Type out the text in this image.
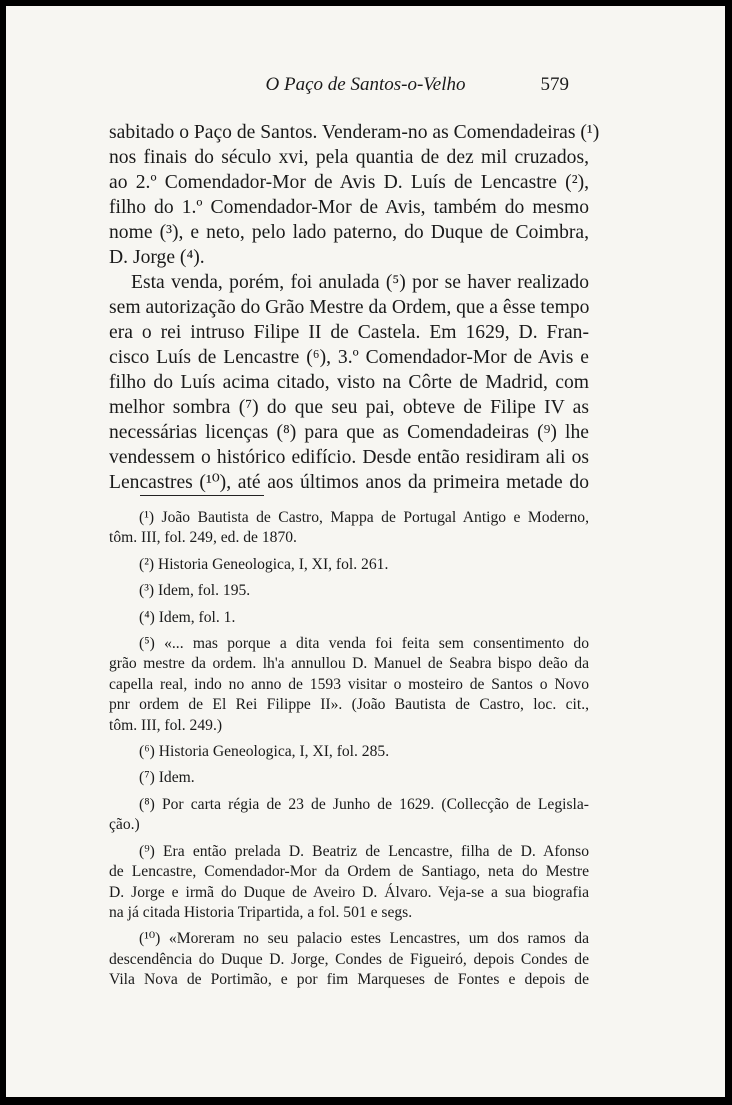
O Paço de Santos-o-Velho	579
sabitado o Paço de Santos. Venderam-no as Comendadeiras (¹)
nos finais do século xvi, pela quantia de dez mil cruzados,
ao 2.º Comendador-Mor de Avis D. Luís de Lencastre (²),
filho do 1.º Comendador-Mor de Avis, também do mesmo
nome (³), e neto, pelo lado paterno, do Duque de Coimbra,
D. Jorge (⁴).
Esta venda, porém, foi anulada (⁵) por se haver realizado
sem autorização do Grão Mestre da Ordem, que a êsse tempo
era o rei intruso Filipe II de Castela. Em 1629, D. Fran-
cisco Luís de Lencastre (⁶), 3.º Comendador-Mor de Avis e
filho do Luís acima citado, visto na Côrte de Madrid, com
melhor sombra (⁷) do que seu pai, obteve de Filipe IV as
necessárias licenças (⁸) para que as Comendadeiras (⁹) lhe
vendessem o histórico edifício. Desde então residiram ali os
Lencastres (¹⁰), até aos últimos anos da primeira metade do
(¹) João Bautista de Castro, Mappa de Portugal Antigo e Moderno,
tôm. III, fol. 249, ed. de 1870.
(²) Historia Geneologica, I, XI, fol. 261.
(³) Idem, fol. 195.
(⁴) Idem, fol. 1.
(⁵) «... mas porque a dita venda foi feita sem consentimento do
grão mestre da ordem. lh'a annullou D. Manuel de Seabra bispo deão da
capella real, indo no anno de 1593 visitar o mosteiro de Santos o Novo
pnr ordem de El Rei Filippe II». (João Bautista de Castro, loc. cit.,
tôm. III, fol. 249.)
(⁶) Historia Geneologica, I, XI, fol. 285.
(⁷) Idem.
(⁸) Por carta régia de 23 de Junho de 1629. (Collecção de Legisla-
ção.)
(⁹) Era então prelada D. Beatriz de Lencastre, filha de D. Afonso
de Lencastre, Comendador-Mor da Ordem de Santiago, neta do Mestre
D. Jorge e irmã do Duque de Aveiro D. Álvaro. Veja-se a sua biografia
na já citada Historia Tripartida, a fol. 501 e segs.
(¹⁰) «Moreram no seu palacio estes Lencastres, um dos ramos da
descendência do Duque D. Jorge, Condes de Figueiró, depois Condes de
Vila Nova de Portimão, e por fim Marqueses de Fontes e depois de
